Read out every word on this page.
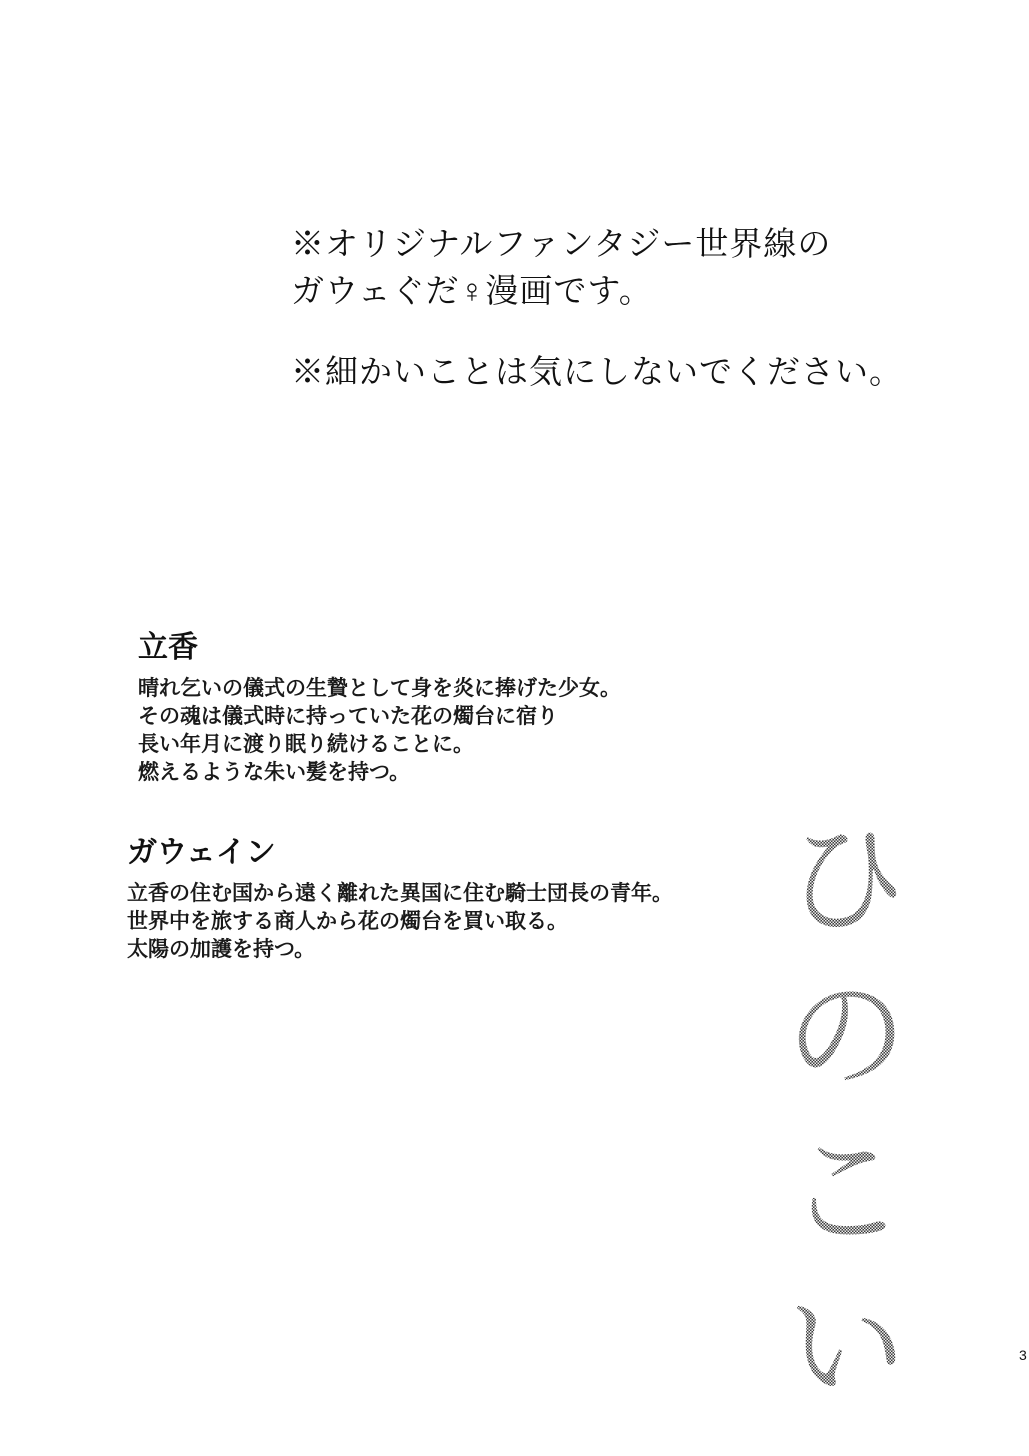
※オリジナルファンタジー世界線の
ガウェぐだ♀漫画です。
※細かいことは気にしないでください。
立香
晴れ乞いの儀式の生贄として身を炎に捧げた少女。
その魂は儀式時に持っていた花の燭台に宿り
長い年月に渡り眠り続けることに。
燃えるような朱い髪を持つ。
ガウェイン
立香の住む国から遠く離れた異国に住む騎士団長の青年。
世界中を旅する商人から花の燭台を買い取る。
太陽の加護を持つ。	ひのこい	3
